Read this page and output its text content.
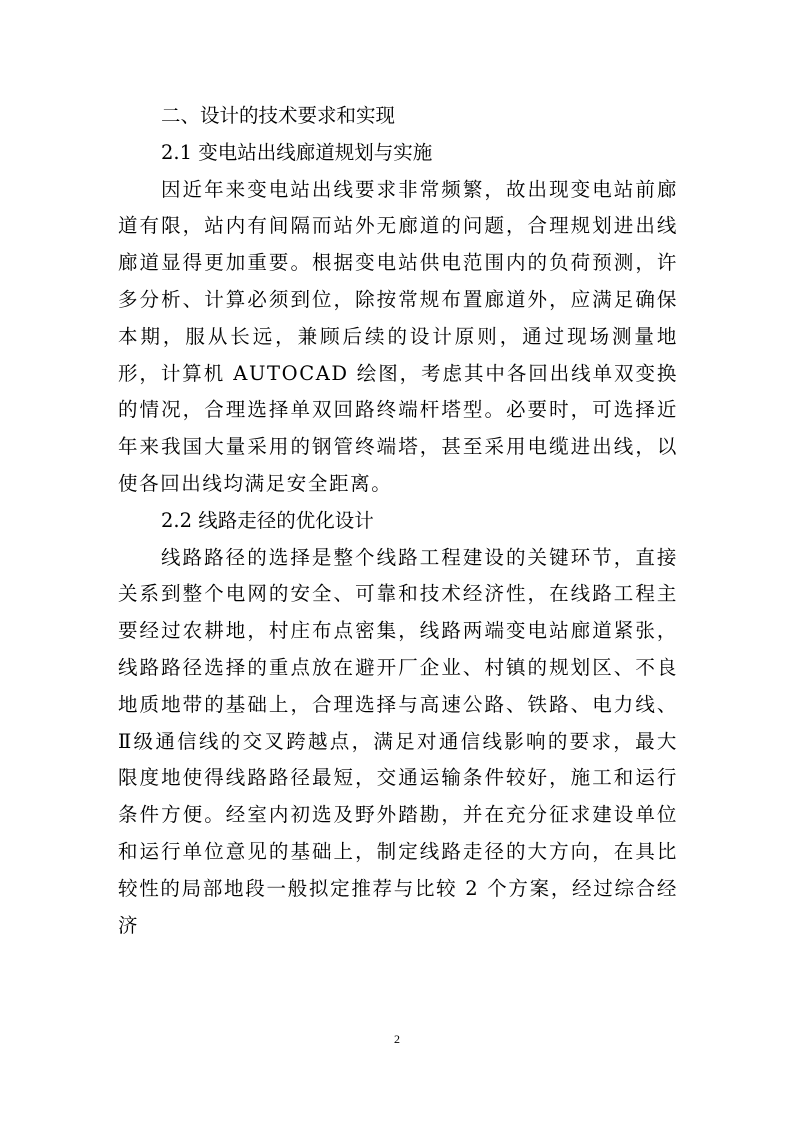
二、设计的技术要求和实现

2.1 变电站出线廊道规划与实施

因近年来变电站出线要求非常频繁，故出现变电站前廊道有限，站内有间隔而站外无廊道的问题，合理规划进出线廊道显得更加重要。根据变电站供电范围内的负荷预测，许多分析、计算必须到位，除按常规布置廊道外，应满足确保本期，服从长远，兼顾后续的设计原则，通过现场测量地形，计算机 AUTOCAD 绘图，考虑其中各回出线单双变换的情况，合理选择单双回路终端杆塔型。必要时，可选择近年来我国大量采用的钢管终端塔，甚至采用电缆进出线，以使各回出线均满足安全距离。

2.2 线路走径的优化设计

线路路径的选择是整个线路工程建设的关键环节，直接关系到整个电网的安全、可靠和技术经济性，在线路工程主要经过农耕地，村庄布点密集，线路两端变电站廊道紧张，线路路径选择的重点放在避开厂企业、村镇的规划区、不良地质地带的基础上，合理选择与高速公路、铁路、电力线、Ⅱ级通信线的交叉跨越点，满足对通信线影响的要求，最大限度地使得线路路径最短，交通运输条件较好，施工和运行条件方便。经室内初选及野外踏勘，并在充分征求建设单位和运行单位意见的基础上，制定线路走径的大方向，在具比较性的局部地段一般拟定推荐与比较 2 个方案，经过综合经济

2
